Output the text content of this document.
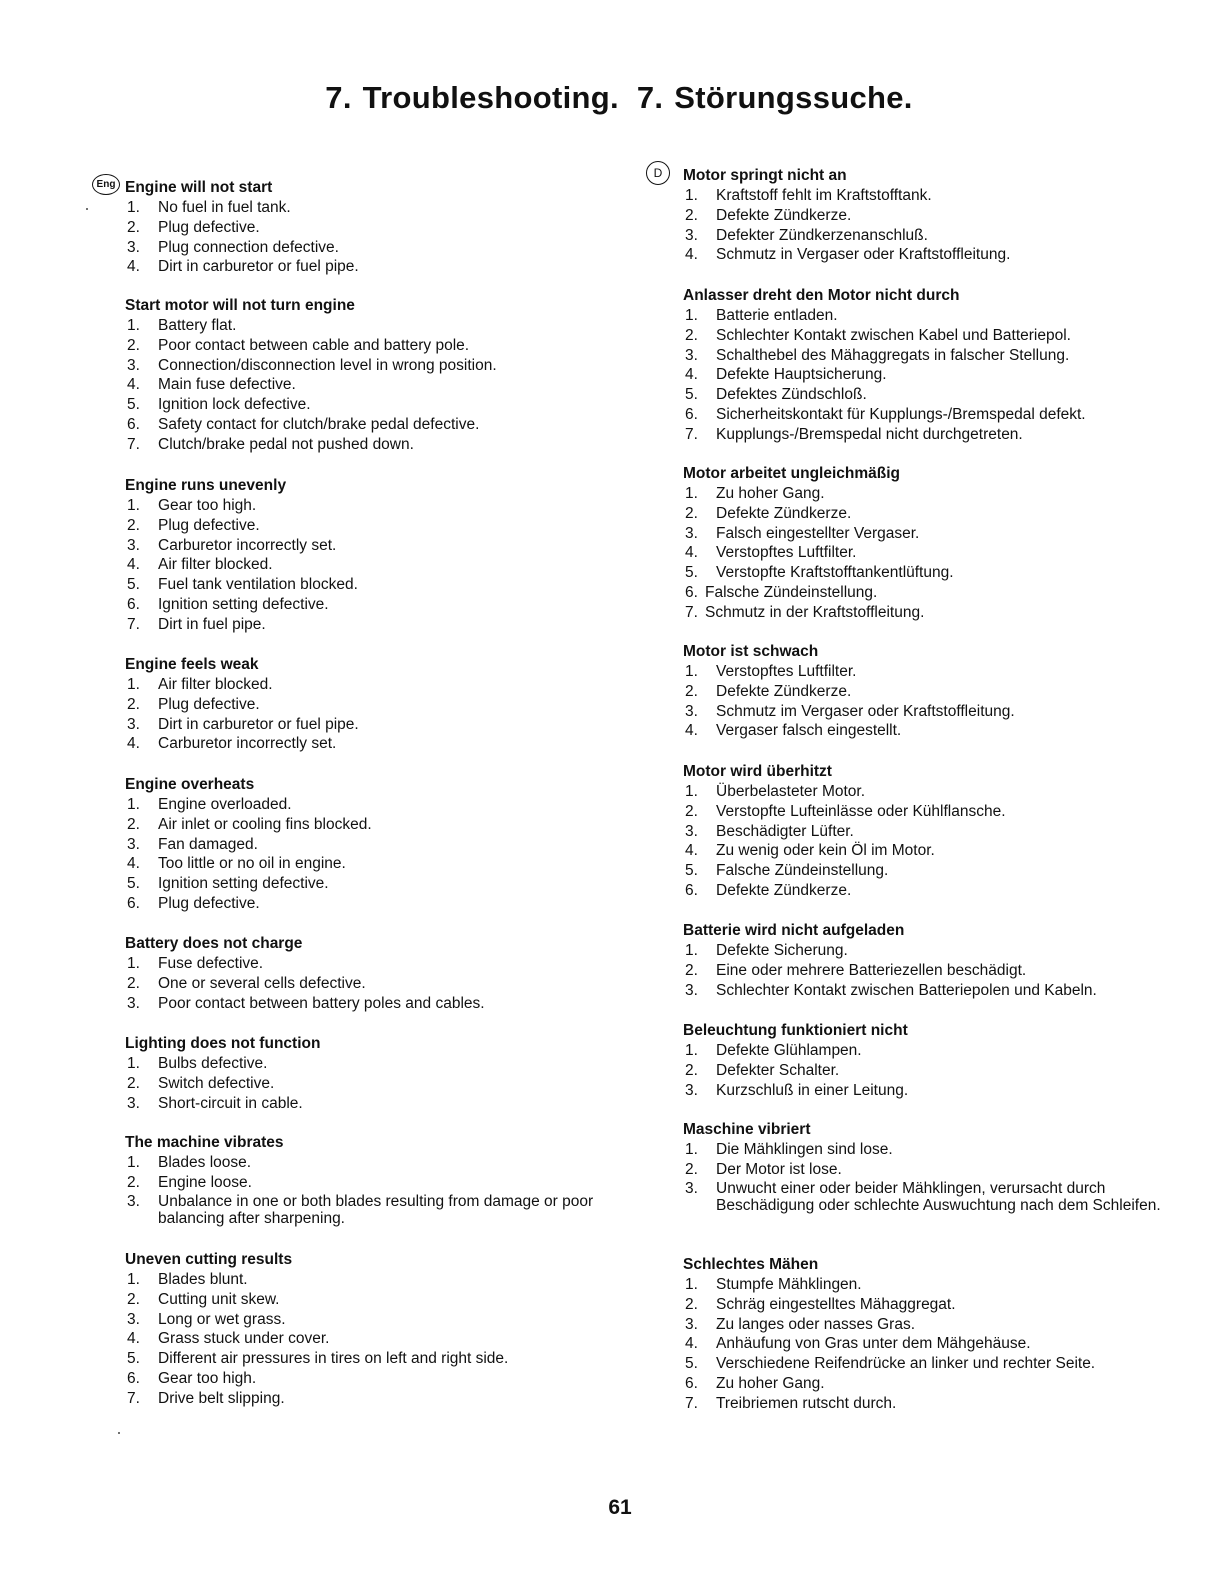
7. Troubleshooting. 7. Störungssuche.
Eng
D
Engine will not start
1. No fuel in fuel tank.
2. Plug defective.
3. Plug connection defective.
4. Dirt in carburetor or fuel pipe.
Start motor will not turn engine
1. Battery flat.
2. Poor contact between cable and battery pole.
3. Connection/disconnection level in wrong position.
4. Main fuse defective.
5. Ignition lock defective.
6. Safety contact for clutch/brake pedal defective.
7. Clutch/brake pedal not pushed down.
Engine runs unevenly
1. Gear too high.
2. Plug defective.
3. Carburetor incorrectly set.
4. Air filter blocked.
5. Fuel tank ventilation blocked.
6. Ignition setting defective.
7. Dirt in fuel pipe.
Engine feels weak
1. Air filter blocked.
2. Plug defective.
3. Dirt in carburetor or fuel pipe.
4. Carburetor incorrectly set.
Engine overheats
1. Engine overloaded.
2. Air inlet or cooling fins blocked.
3. Fan damaged.
4. Too little or no oil in engine.
5. Ignition setting defective.
6. Plug defective.
Battery does not charge
1. Fuse defective.
2. One or several cells defective.
3. Poor contact between battery poles and cables.
Lighting does not function
1. Bulbs defective.
2. Switch defective.
3. Short-circuit in cable.
The machine vibrates
1. Blades loose.
2. Engine loose.
3. Unbalance in one or both blades resulting from damage or poor balancing after sharpening.
Uneven cutting results
1. Blades blunt.
2. Cutting unit skew.
3. Long or wet grass.
4. Grass stuck under cover.
5. Different air pressures in tires on left and right side.
6. Gear too high.
7. Drive belt slipping.
Motor springt nicht an
1. Kraftstoff fehlt im Kraftstofftank.
2. Defekte Zündkerze.
3. Defekter Zündkerzenanschluß.
4. Schmutz in Vergaser oder Kraftstoffleitung.
Anlasser dreht den Motor nicht durch
1. Batterie entladen.
2. Schlechter Kontakt zwischen Kabel und Batteriepol.
3. Schalthebel des Mähaggregats in falscher Stellung.
4. Defekte Hauptsicherung.
5. Defektes Zündschloß.
6. Sicherheitskontakt für Kupplungs-/Bremspedal defekt.
7. Kupplungs-/Bremspedal nicht durchgetreten.
Motor arbeitet ungleichmäßig
1. Zu hoher Gang.
2. Defekte Zündkerze.
3. Falsch eingestellter Vergaser.
4. Verstopftes Luftfilter.
5. Verstopfte Kraftstofftankentlüftung.
6. Falsche Zündeinstellung.
7. Schmutz in der Kraftstoffleitung.
Motor ist schwach
1. Verstopftes Luftfilter.
2. Defekte Zündkerze.
3. Schmutz im Vergaser oder Kraftstoffleitung.
4. Vergaser falsch eingestellt.
Motor wird überhitzt
1. Überbelasteter Motor.
2. Verstopfte Lufteinlässe oder Kühlflansche.
3. Beschädigter Lüfter.
4. Zu wenig oder kein Öl im Motor.
5. Falsche Zündeinstellung.
6. Defekte Zündkerze.
Batterie wird nicht aufgeladen
1. Defekte Sicherung.
2. Eine oder mehrere Batteriezellen beschädigt.
3. Schlechter Kontakt zwischen Batteriepolen und Kabeln.
Beleuchtung funktioniert nicht
1. Defekte Glühlampen.
2. Defekter Schalter.
3. Kurzschluß in einer Leitung.
Maschine vibriert
1. Die Mähklingen sind lose.
2. Der Motor ist lose.
3. Unwucht einer oder beider Mähklingen, verursacht durch Beschädigung oder schlechte Auswuchtung nach dem Schleifen.
Schlechtes Mähen
1. Stumpfe Mähklingen.
2. Schräg eingestelltes Mähaggregat.
3. Zu langes oder nasses Gras.
4. Anhäufung von Gras unter dem Mähgehäuse.
5. Verschiedene Reifendrücke an linker und rechter Seite.
6. Zu hoher Gang.
7. Treibriemen rutscht durch.
61
